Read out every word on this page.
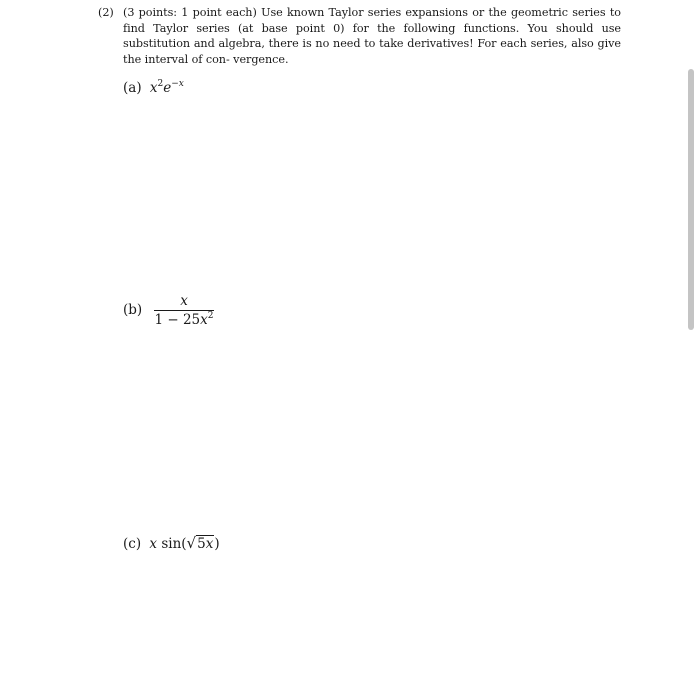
(2) (3 points: 1 point each) Use known Taylor series expansions or the geometric series to find Taylor series (at base point 0) for the following functions. You should use substitution and algebra, there is no need to take derivatives! For each series, also give the interval of con- vergence.
(a) $x^2e^{-x}$
$(b) \frac{x}{1 - 25x^2}$
(c) x sin(√5x)
